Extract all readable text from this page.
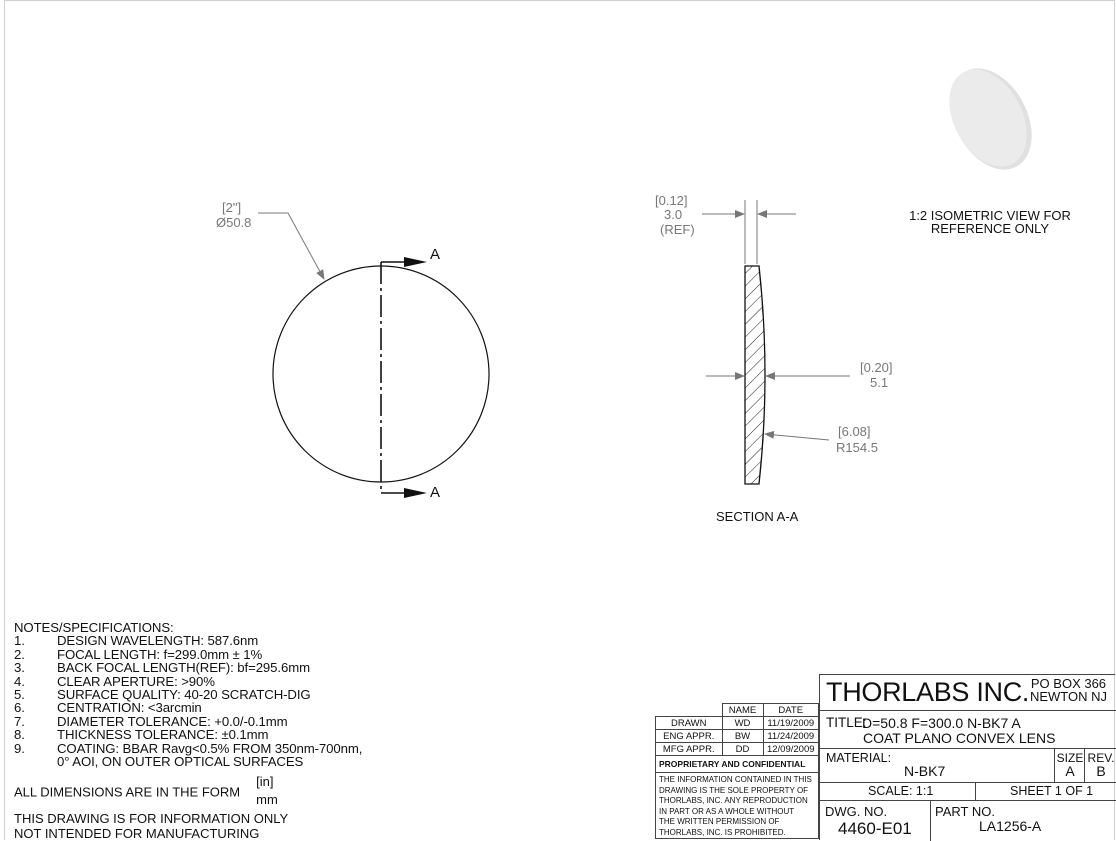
[2"]
Ø50.8
A
A
[0.12]
3.0
(REF)
[0.20]
5.1
[6.08]
R154.5
SECTION A-A
1:2 ISOMETRIC VIEW FOR
REFERENCE ONLY
NOTES/SPECIFICATIONS:
1.	DESIGN WAVELENGTH: 587.6nm
2.	FOCAL LENGTH: f=299.0mm ± 1%
3.	BACK FOCAL LENGTH(REF): bf=295.6mm
4.	CLEAR APERTURE: >90%
5.	SURFACE QUALITY: 40-20 SCRATCH-DIG
6.	CENTRATION: <3arcmin
7.	DIAMETER TOLERANCE: +0.0/-0.1mm
8.	THICKNESS TOLERANCE: ±0.1mm
9.	COATING: BBAR Ravg<0.5% FROM 350nm-700nm,
0° AOI, ON OUTER OPTICAL SURFACES
ALL DIMENSIONS ARE IN THE FORM
[in]
mm
THIS DRAWING IS FOR INFORMATION ONLY
NOT INTENDED FOR MANUFACTURING
	NAME	DATE
DRAWN	WD	11/19/2009
ENG APPR.	BW	11/24/2009
MFG APPR.	DD	12/09/2009
PROPRIETARY AND CONFIDENTIAL
THE INFORMATION CONTAINED IN THIS
DRAWING IS THE SOLE PROPERTY OF
THORLABS, INC. ANY REPRODUCTION
IN PART OR AS A WHOLE WITHOUT
THE WRITTEN PERMISSION OF
THORLABS, INC. IS PROHIBITED.
THORLABS INC. PO BOX 366
NEWTON NJ
TITLE:
D=50.8 F=300.0 N-BK7 A
COAT PLANO CONVEX LENS
MATERIAL:
N-BK7
SIZE
A
REV.
B
SCALE: 1:1	SHEET 1 OF 1
DWG. NO.
4460-E01
PART NO.
LA1256-A
